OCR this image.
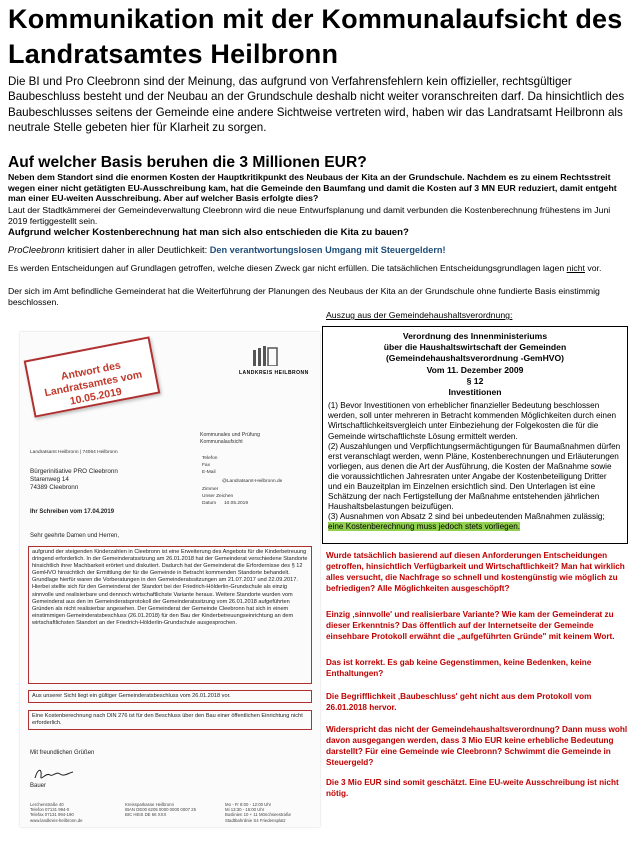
Kommunikation mit der Kommunalaufsicht des Landratsamtes Heilbronn

Die BI und Pro Cleebronn sind der Meinung, das aufgrund von Verfahrensfehlern kein offizieller, rechtsgültiger Baubeschluss besteht und der Neubau an der Grundschule deshalb nicht weiter voranschreiten darf. Da hinsichtlich des Baubeschlusses seitens der Gemeinde eine andere Sichtweise vertreten wird, haben wir das Landratsamt Heilbronn als neutrale Stelle gebeten hier für Klarheit zu sorgen.

Auf welcher Basis beruhen die 3 Millionen EUR?

Neben dem Standort sind die enormen Kosten der Hauptkritikpunkt des Neubaus der Kita an der Grundschule. Nachdem es zu einem Rechtsstreit wegen einer nicht getätigten EU-Ausschreibung kam, hat die Gemeinde den Baumfang und damit die Kosten auf 3 MN EUR reduziert, damit entgeht man einer EU-weiten Ausschreibung. Aber auf welcher Basis erfolgte dies?

Laut der Stadtkämmerei der Gemeindeverwaltung Cleebronn wird die neue Entwurfsplanung und damit verbunden die Kostenberechnung frühestens im Juni 2019 fertiggestellt sein.

Aufgrund welcher Kostenberechnung hat man sich also entschieden die Kita zu bauen?

ProCleebronn kritisiert daher in aller Deutlichkeit: Den verantwortungslosen Umgang mit Steuergeldern!

Es werden Entscheidungen auf Grundlagen getroffen, welche diesen Zweck gar nicht erfüllen. Die tatsächlichen Entscheidungsgrundlagen lagen nicht vor.

Der sich im Amt befindliche Gemeinderat hat die Weiterführung der Planungen des Neubaus der Kita an der Grundschule ohne fundierte Basis einstimmig beschlossen.

LANDKREIS HEILBRONN
Kommunales und Prüfung
Kommunalaufsicht
Landratsamt Heilbronn | 74064 Heilbronn
Bürgerinitiative PRO Cleebronn
Starenweg 14
74389 Cleebronn
Telefon
Fax
E-Mail
@Landratsamt-Heilbronn.de
Zimmer
Unser Zeichen
Datum 10.05.2019
Ihr Schreiben vom 17.04.2019
Sehr geehrte Damen und Herren,
aufgrund der steigenden Kinderzahlen in Cleebronn ist eine Erweiterung des Angebots für die Kinderbetreuung dringend erforderlich. In der Gemeinderatssitzung am 26.01.2018 hat der Gemeinderat verschiedene Standorte hinsichtlich ihrer Machbarkeit erörtert und diskutiert. Dadurch hat der Gemeinderat die Erfordernisse des § 12 GemHVO hinsichtlich der Ermittlung der für die Gemeinde in Betracht kommenden Standorte behandelt. Grundlage hierfür waren die Vorberatungen in den Gemeinderatssitzungen am 21.07.2017 und 22.09.2017. Hierbei stellte sich für den Gemeinderat der Standort bei der Friedrich-Hölderlin-Grundschule als einzig sinnvolle und realisierbare und dennoch wirtschaftlichste Variante heraus. Weitere Standorte wurden vom Gemeinderat aus den im Gemeinderatsprotokoll der Gemeinderatssitzung vom 26.01.2018 aufgeführten Gründen als nicht realisierbar angesehen. Der Gemeinderat der Gemeinde Cleebronn hat sich in einem einstimmigen Gemeinderatsbeschluss (26.01.2018) für den Bau der Kinderbetreuungseinrichtung an dem wirtschaftlichsten Standort an der Friedrich-Hölderlin-Grundschule ausgesprochen.
Aus unserer Sicht liegt ein gültiger Gemeinderatsbeschluss vom 26.01.2018 vor.
Eine Kostenberechnung nach DIN 276 ist für den Beschluss über den Bau einer öffentlichen Einrichtung nicht erforderlich.
Mit freundlichen Grüßen
Bauer
Lerchenstraße 40
Telefon 07131 994-0
Telefax 07131 994-190
www.landkreis-heilbronn.de
Kreissparkasse Heilbronn
IBAN DE00 6205 0000 0000 0007 25
BIC HEIS DE 66 XXX
Mo - Fr 8:00 - 12:00 Uhr
Mi 13:30 - 16:00 Uhr
Buslinien 10 + 11 Mönchseestraße
Stadtbahnlinie S4 Friedensplatz
Antwort des Landratsamtes vom 10.05.2019
Auszug aus der Gemeindehaushaltsverordnung:
Verordnung des Innenministeriums
über die Haushaltswirtschaft der Gemeinden
(Gemeindehaushaltsverordnung -GemHVO)
Vom 11. Dezember 2009
§ 12
Investitionen
(1) Bevor Investitionen von erheblicher finanzieller Bedeutung beschlossen werden, soll unter mehreren in Betracht kommenden Möglichkeiten durch einen Wirtschaftlichkeitsvergleich unter Einbeziehung der Folgekosten die für die Gemeinde wirtschaftlichste Lösung ermittelt werden.
(2) Auszahlungen und Verpflichtungsermächtigungen für Baumaßnahmen dürfen erst veranschlagt werden, wenn Pläne, Kostenberechnungen und Erläuterungen vorliegen, aus denen die Art der Ausführung, die Kosten der Maßnahme sowie die voraussichtlichen Jahresraten unter Angabe der Kostenbeteiligung Dritter und ein Bauzeitplan im Einzelnen ersichtlich sind. Den Unterlagen ist eine Schätzung der nach Fertigstellung der Maßnahme entstehenden jährlichen Haushaltsbelastungen beizufügen.
(3) Ausnahmen von Absatz 2 sind bei unbedeutenden Maßnahmen zulässig; eine Kostenberechnung muss jedoch stets vorliegen.

Wurde tatsächlich basierend auf diesen Anforderungen Entscheidungen getroffen, hinsichtlich Verfügbarkeit und Wirtschaftlichkeit? Man hat wirklich alles versucht, die Nachfrage so schnell und kostengünstig wie möglich zu befriedigen? Alle Möglichkeiten ausgeschöpft?

Einzig ‚sinnvolle' und realisierbare Variante? Wie kam der Gemeinderat zu dieser Erkenntnis? Das öffentlich auf der Internetseite der Gemeinde einsehbare Protokoll erwähnt die „aufgeführten Gründe" mit keinem Wort.

Das ist korrekt. Es gab keine Gegenstimmen, keine Bedenken, keine Enthaltungen?

Die Begrifflichkeit ‚Baubeschluss' geht nicht aus dem Protokoll vom 26.01.2018 hervor.

Widerspricht das nicht der Gemeindehaushaltsverordnung? Dann muss wohl davon ausgegangen werden, dass 3 Mio EUR keine erhebliche Bedeutung darstellt? Für eine Gemeinde wie Cleebronn? Schwimmt die Gemeinde in Steuergeld?

Die 3 Mio EUR sind somit geschätzt. Eine EU-weite Ausschreibung ist nicht nötig.
